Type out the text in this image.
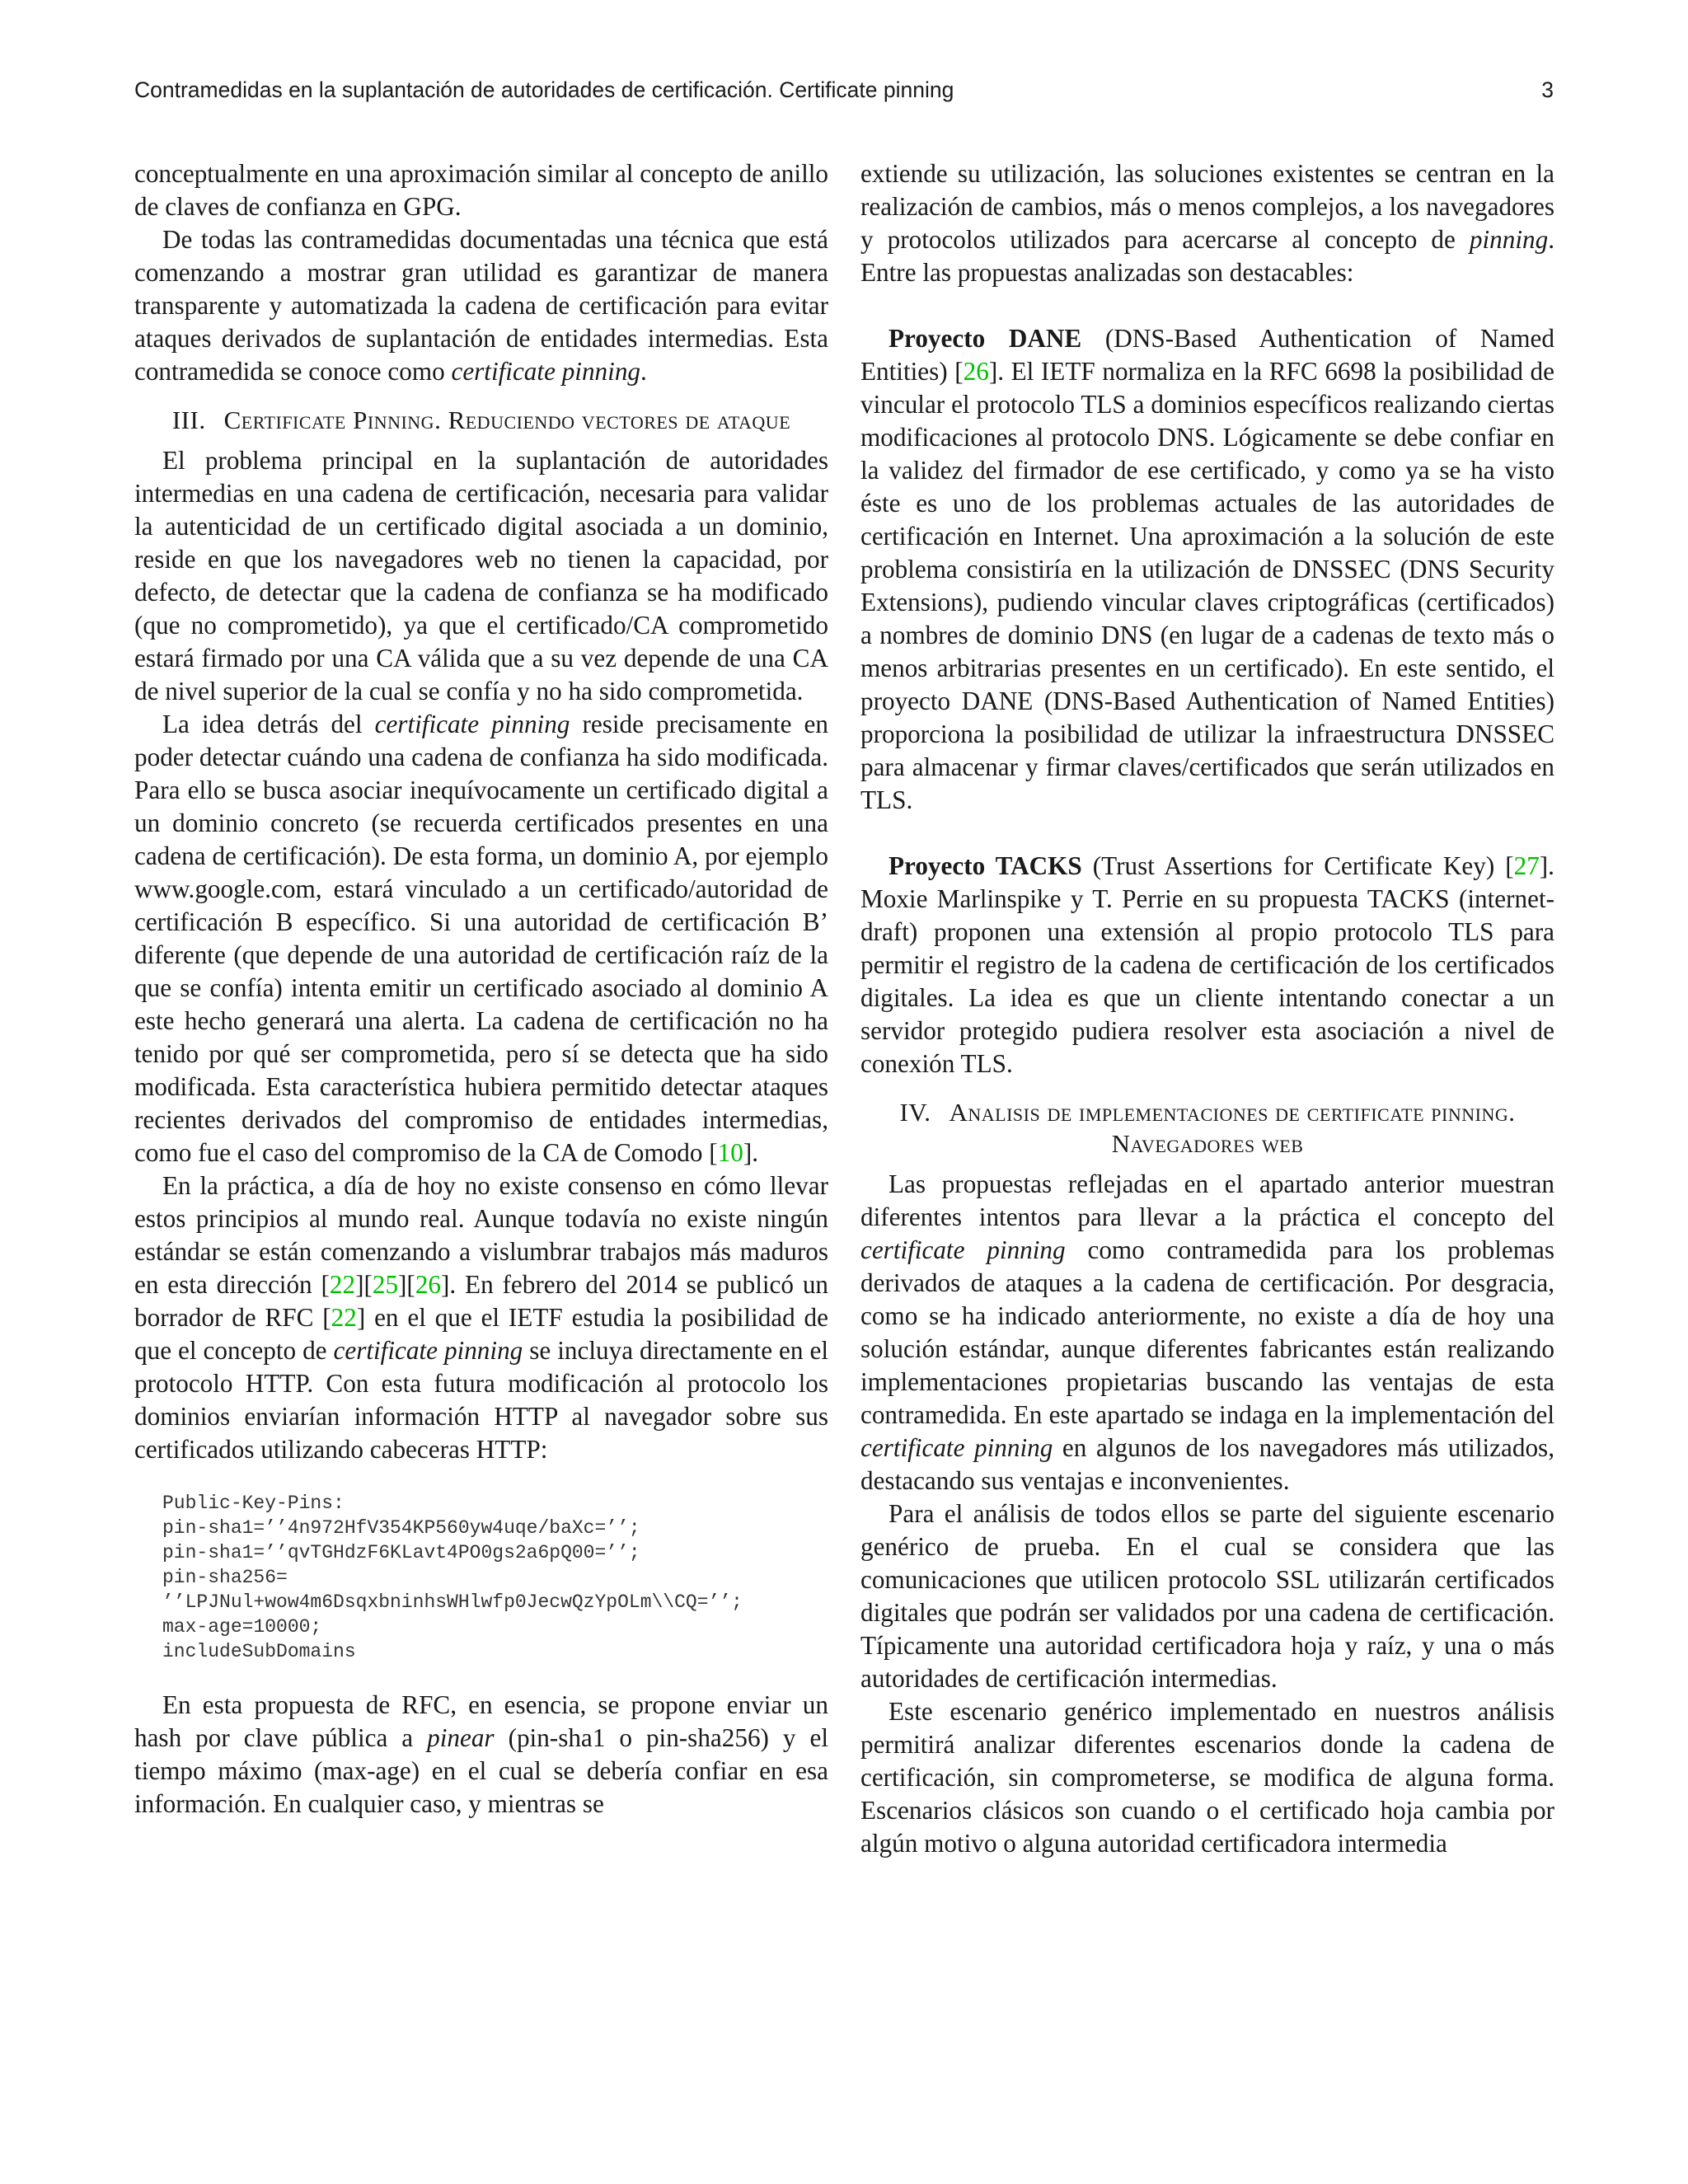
Contramedidas en la suplantación de autoridades de certificación. Certificate pinning	3

conceptualmente en una aproximación similar al concepto de anillo de claves de confianza en GPG.

De todas las contramedidas documentadas una técnica que está comenzando a mostrar gran utilidad es garantizar de manera transparente y automatizada la cadena de certificación para evitar ataques derivados de suplantación de entidades intermedias. Esta contramedida se conoce como certificate pinning.

III. Certificate Pinning. Reduciendo vectores de ataque

El problema principal en la suplantación de autoridades intermedias en una cadena de certificación, necesaria para validar la autenticidad de un certificado digital asociada a un dominio, reside en que los navegadores web no tienen la capacidad, por defecto, de detectar que la cadena de confianza se ha modificado (que no comprometido), ya que el certificado/CA comprometido estará firmado por una CA válida que a su vez depende de una CA de nivel superior de la cual se confía y no ha sido comprometida.

La idea detrás del certificate pinning reside precisamente en poder detectar cuándo una cadena de confianza ha sido modificada. Para ello se busca asociar inequívocamente un certificado digital a un dominio concreto (se recuerda certificados presentes en una cadena de certificación). De esta forma, un dominio A, por ejemplo www.google.com, estará vinculado a un certificado/autoridad de certificación B específico. Si una autoridad de certificación B’ diferente (que depende de una autoridad de certificación raíz de la que se confía) intenta emitir un certificado asociado al dominio A este hecho generará una alerta. La cadena de certificación no ha tenido por qué ser comprometida, pero sí se detecta que ha sido modificada. Esta característica hubiera permitido detectar ataques recientes derivados del compromiso de entidades intermedias, como fue el caso del compromiso de la CA de Comodo [10].

En la práctica, a día de hoy no existe consenso en cómo llevar estos principios al mundo real. Aunque todavía no existe ningún estándar se están comenzando a vislumbrar trabajos más maduros en esta dirección [22][25][26]. En febrero del 2014 se publicó un borrador de RFC [22] en el que el IETF estudia la posibilidad de que el concepto de certificate pinning se incluya directamente en el protocolo HTTP. Con esta futura modificación al protocolo los dominios enviarían información HTTP al navegador sobre sus certificados utilizando cabeceras HTTP:

Public-Key-Pins:
pin-sha1=’’4n972HfV354KP560yw4uqe/baXc=’’;
pin-sha1=’’qvTGHdzF6KLavt4PO0gs2a6pQ00=’’;
pin-sha256=
’’LPJNul+wow4m6DsqxbninhsWHlwfp0JecwQzYpOLm\\CQ=’’;
max-age=10000;
includeSubDomains

En esta propuesta de RFC, en esencia, se propone enviar un hash por clave pública a pinear (pin-sha1 o pin-sha256) y el tiempo máximo (max-age) en el cual se debería confiar en esa información. En cualquier caso, y mientras se

extiende su utilización, las soluciones existentes se centran en la realización de cambios, más o menos complejos, a los navegadores y protocolos utilizados para acercarse al concepto de pinning. Entre las propuestas analizadas son destacables:

Proyecto DANE (DNS-Based Authentication of Named Entities) [26]. El IETF normaliza en la RFC 6698 la posibilidad de vincular el protocolo TLS a dominios específicos realizando ciertas modificaciones al protocolo DNS. Lógicamente se debe confiar en la validez del firmador de ese certificado, y como ya se ha visto éste es uno de los problemas actuales de las autoridades de certificación en Internet. Una aproximación a la solución de este problema consistiría en la utilización de DNSSEC (DNS Security Extensions), pudiendo vincular claves criptográficas (certificados) a nombres de dominio DNS (en lugar de a cadenas de texto más o menos arbitrarias presentes en un certificado). En este sentido, el proyecto DANE (DNS-Based Authentication of Named Entities) proporciona la posibilidad de utilizar la infraestructura DNSSEC para almacenar y firmar claves/certificados que serán utilizados en TLS.

Proyecto TACKS (Trust Assertions for Certificate Key) [27]. Moxie Marlinspike y T. Perrie en su propuesta TACKS (internet-draft) proponen una extensión al propio protocolo TLS para permitir el registro de la cadena de certificación de los certificados digitales. La idea es que un cliente intentando conectar a un servidor protegido pudiera resolver esta asociación a nivel de conexión TLS.

IV. Analisis de implementaciones de certificate pinning. Navegadores web

Las propuestas reflejadas en el apartado anterior muestran diferentes intentos para llevar a la práctica el concepto del certificate pinning como contramedida para los problemas derivados de ataques a la cadena de certificación. Por desgracia, como se ha indicado anteriormente, no existe a día de hoy una solución estándar, aunque diferentes fabricantes están realizando implementaciones propietarias buscando las ventajas de esta contramedida. En este apartado se indaga en la implementación del certificate pinning en algunos de los navegadores más utilizados, destacando sus ventajas e inconvenientes.

Para el análisis de todos ellos se parte del siguiente escenario genérico de prueba. En el cual se considera que las comunicaciones que utilicen protocolo SSL utilizarán certificados digitales que podrán ser validados por una cadena de certificación. Típicamente una autoridad certificadora hoja y raíz, y una o más autoridades de certificación intermedias.

Este escenario genérico implementado en nuestros análisis permitirá analizar diferentes escenarios donde la cadena de certificación, sin comprometerse, se modifica de alguna forma. Escenarios clásicos son cuando o el certificado hoja cambia por algún motivo o alguna autoridad certificadora intermedia
